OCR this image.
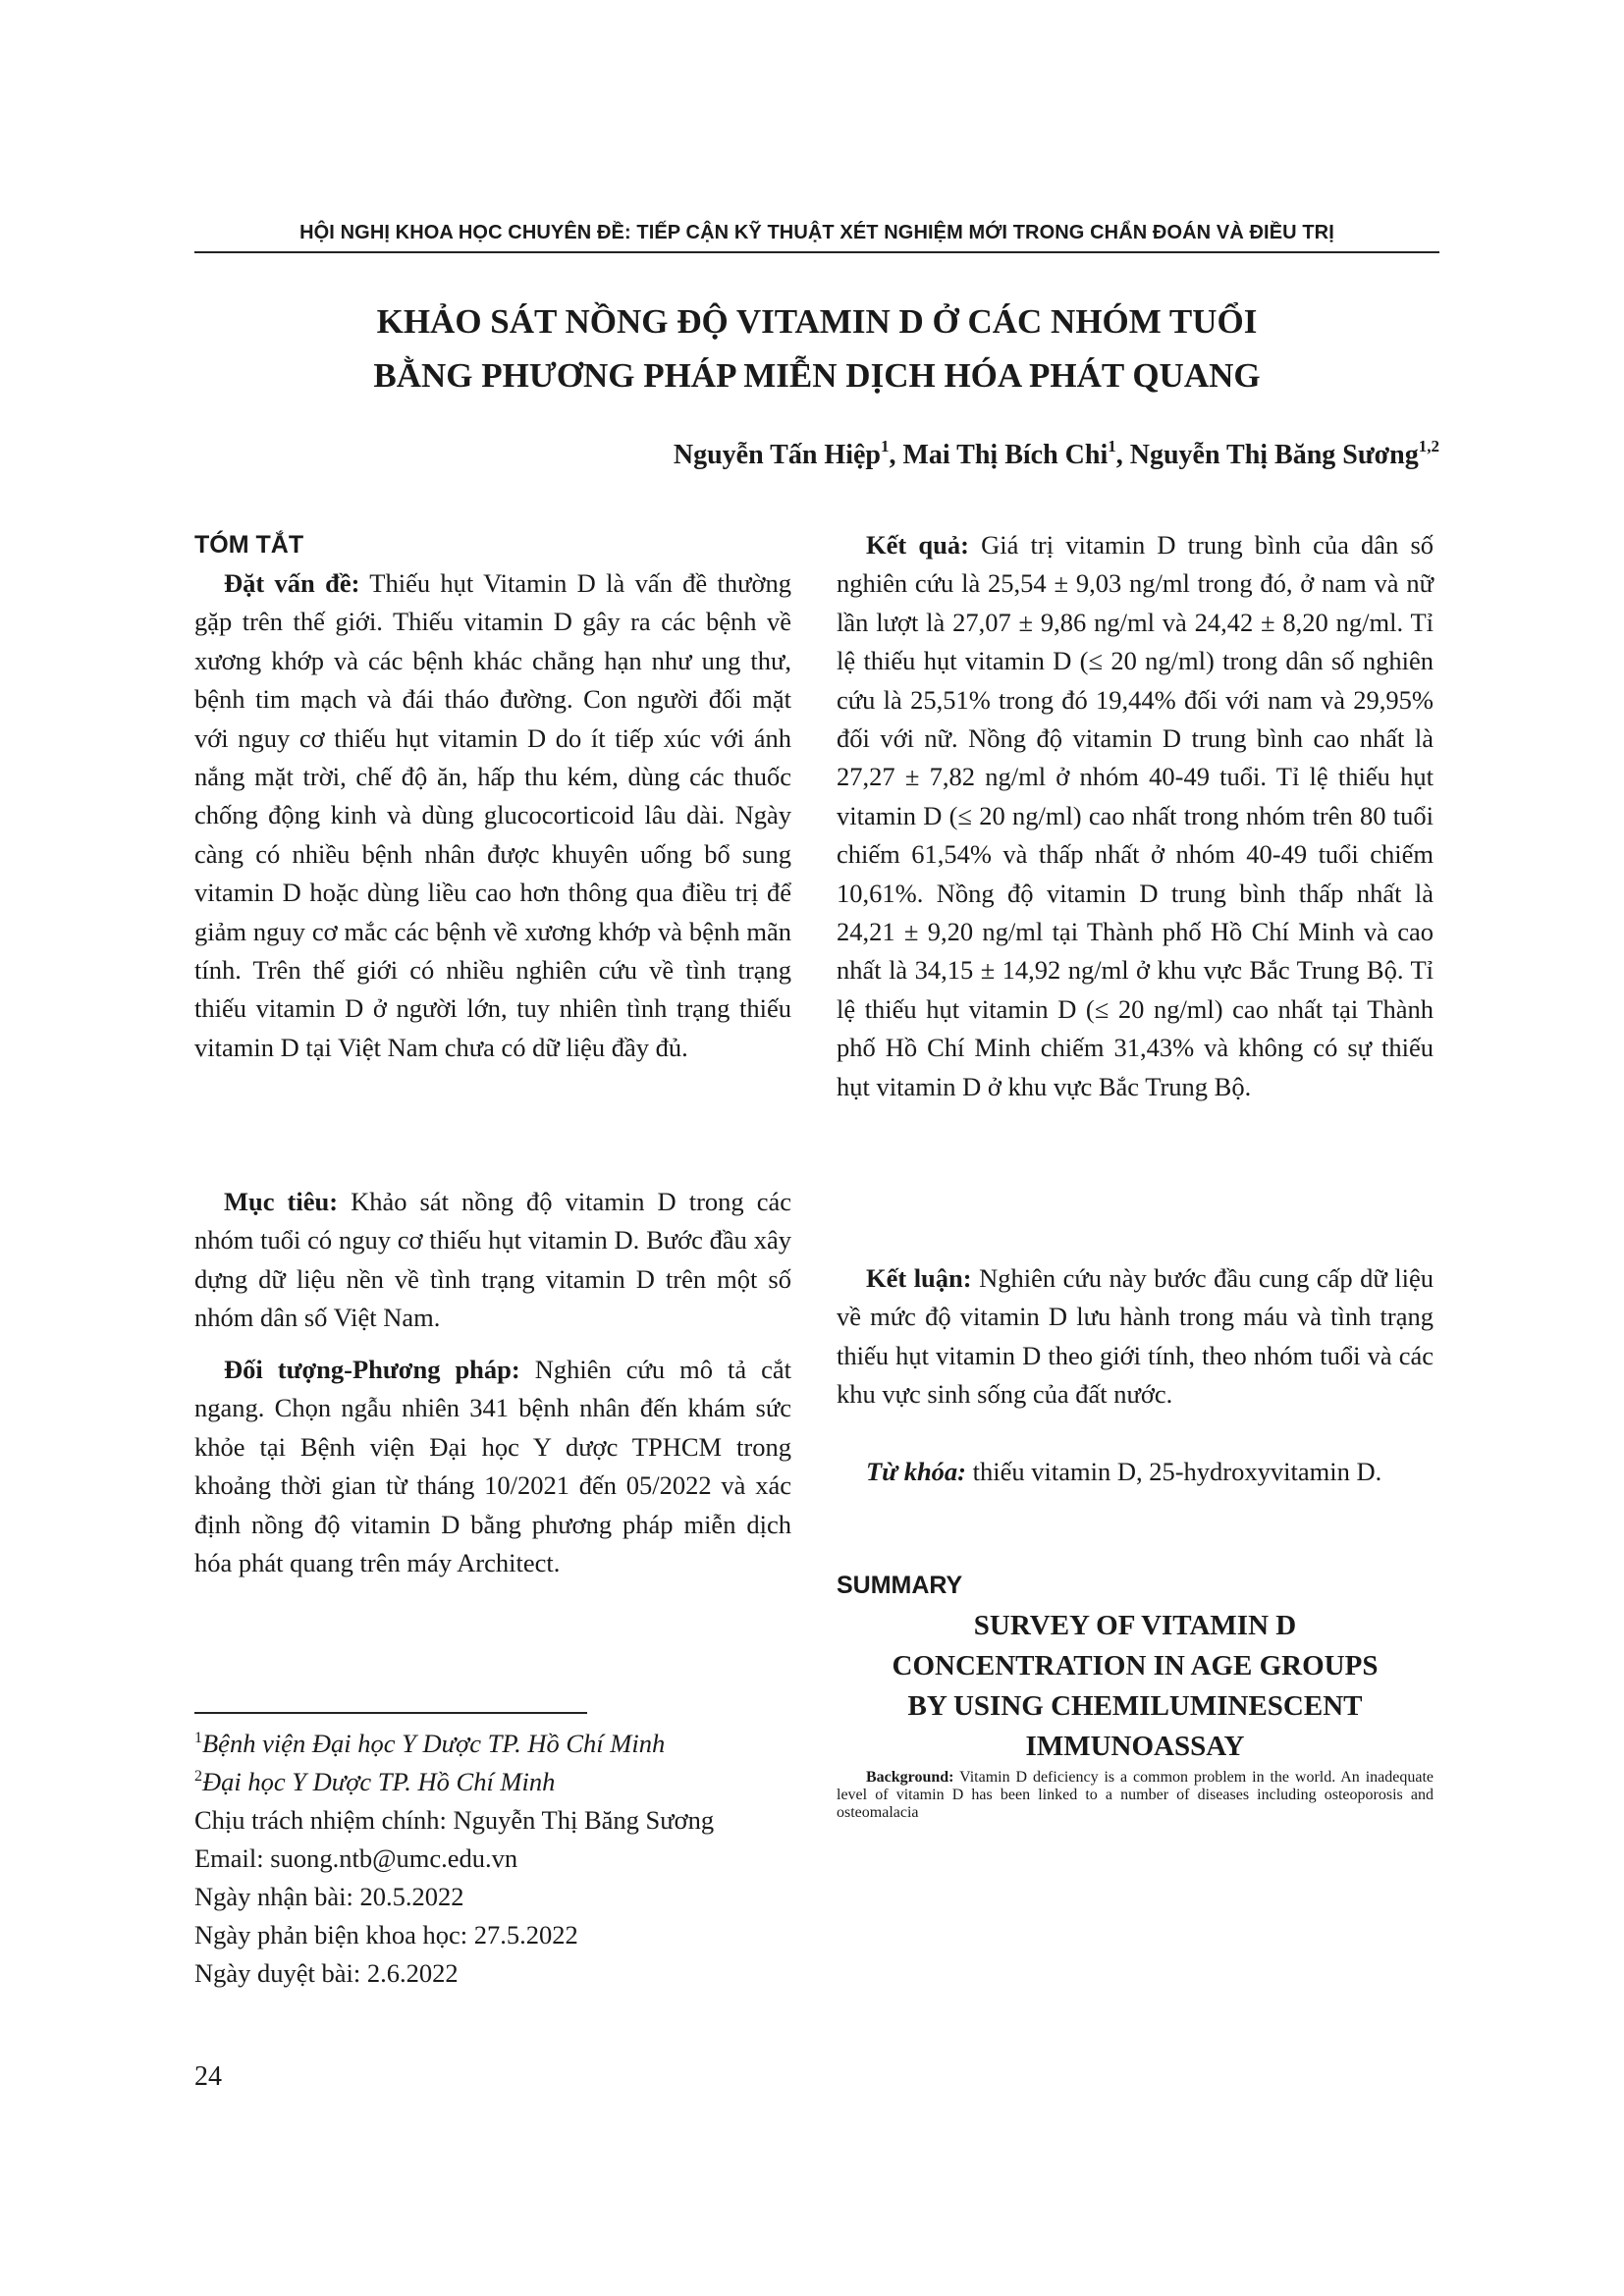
HỘI NGHỊ KHOA HỌC CHUYÊN ĐỀ: TIẾP CẬN KỸ THUẬT XÉT NGHIỆM MỚI TRONG CHẨN ĐOÁN VÀ ĐIỀU TRỊ
KHẢO SÁT NỒNG ĐỘ VITAMIN D Ở CÁC NHÓM TUỔI
BẰNG PHƯƠNG PHÁP MIỄN DỊCH HÓA PHÁT QUANG
Nguyễn Tấn Hiệp$^1$, Mai Thị Bích Chi$^1$, Nguyễn Thị Băng Sương$^{1,2}$
TÓM TẮT

Đặt vấn đề: Thiếu hụt Vitamin D là vấn đề thường gặp trên thế giới. Thiếu vitamin D gây ra các bệnh về xương khớp và các bệnh khác chẳng hạn như ung thư, bệnh tim mạch và đái tháo đường. Con người đối mặt với nguy cơ thiếu hụt vitamin D do ít tiếp xúc với ánh nắng mặt trời, chế độ ăn, hấp thu kém, dùng các thuốc chống động kinh và dùng glucocorticoid lâu dài. Ngày càng có nhiều bệnh nhân được khuyên uống bổ sung vitamin D hoặc dùng liều cao hơn thông qua điều trị để giảm nguy cơ mắc các bệnh về xương khớp và bệnh mãn tính. Trên thế giới có nhiều nghiên cứu về tình trạng thiếu vitamin D ở người lớn, tuy nhiên tình trạng thiếu vitamin D tại Việt Nam chưa có dữ liệu đầy đủ.

Mục tiêu: Khảo sát nồng độ vitamin D trong các nhóm tuổi có nguy cơ thiếu hụt vitamin D. Bước đầu xây dựng dữ liệu nền về tình trạng vitamin D trên một số nhóm dân số Việt Nam.

Đối tượng-Phương pháp: Nghiên cứu mô tả cắt ngang. Chọn ngẫu nhiên 341 bệnh nhân đến khám sức khỏe tại Bệnh viện Đại học Y dược TPHCM trong khoảng thời gian từ tháng 10/2021 đến 05/2022 và xác định nồng độ vitamin D bằng phương pháp miễn dịch hóa phát quang trên máy Architect.

Kết quả: Giá trị vitamin D trung bình của dân số nghiên cứu là 25,54 ± 9,03 ng/ml trong đó, ở nam và nữ lần lượt là 27,07 ± 9,86 ng/ml và 24,42 ± 8,20 ng/ml. Tỉ lệ thiếu hụt vitamin D (≤ 20 ng/ml) trong dân số nghiên cứu là 25,51% trong đó 19,44% đối với nam và 29,95% đối với nữ. Nồng độ vitamin D trung bình cao nhất là 27,27 ± 7,82 ng/ml ở nhóm 40-49 tuổi. Tỉ lệ thiếu hụt vitamin D (≤ 20 ng/ml) cao nhất trong nhóm trên 80 tuổi chiếm 61,54% và thấp nhất ở nhóm 40-49 tuổi chiếm 10,61%. Nồng độ vitamin D trung bình thấp nhất là 24,21 ± 9,20 ng/ml tại Thành phố Hồ Chí Minh và cao nhất là 34,15 ± 14,92 ng/ml ở khu vực Bắc Trung Bộ. Tỉ lệ thiếu hụt vitamin D (≤ 20 ng/ml) cao nhất tại Thành phố Hồ Chí Minh chiếm 31,43% và không có sự thiếu hụt vitamin D ở khu vực Bắc Trung Bộ.

Kết luận: Nghiên cứu này bước đầu cung cấp dữ liệu về mức độ vitamin D lưu hành trong máu và tình trạng thiếu hụt vitamin D theo giới tính, theo nhóm tuổi và các khu vực sinh sống của đất nước.

Từ khóa: thiếu vitamin D, 25-hydroxyvitamin D.

SUMMARY
SURVEY OF VITAMIN D
CONCENTRATION IN AGE GROUPS
BY USING CHEMILUMINESCENT
IMMUNOASSAY

Background: Vitamin D deficiency is a common problem in the world. An inadequate level of vitamin D has been linked to a number of diseases including osteoporosis and osteomalacia

$^1$Bệnh viện Đại học Y Dược TP. Hồ Chí Minh
$^2$Đại học Y Dược TP. Hồ Chí Minh
Chịu trách nhiệm chính: Nguyễn Thị Băng Sương
Email: suong.ntb@umc.edu.vn
Ngày nhận bài: 20.5.2022
Ngày phản biện khoa học: 27.5.2022
Ngày duyệt bài: 2.6.2022
24
